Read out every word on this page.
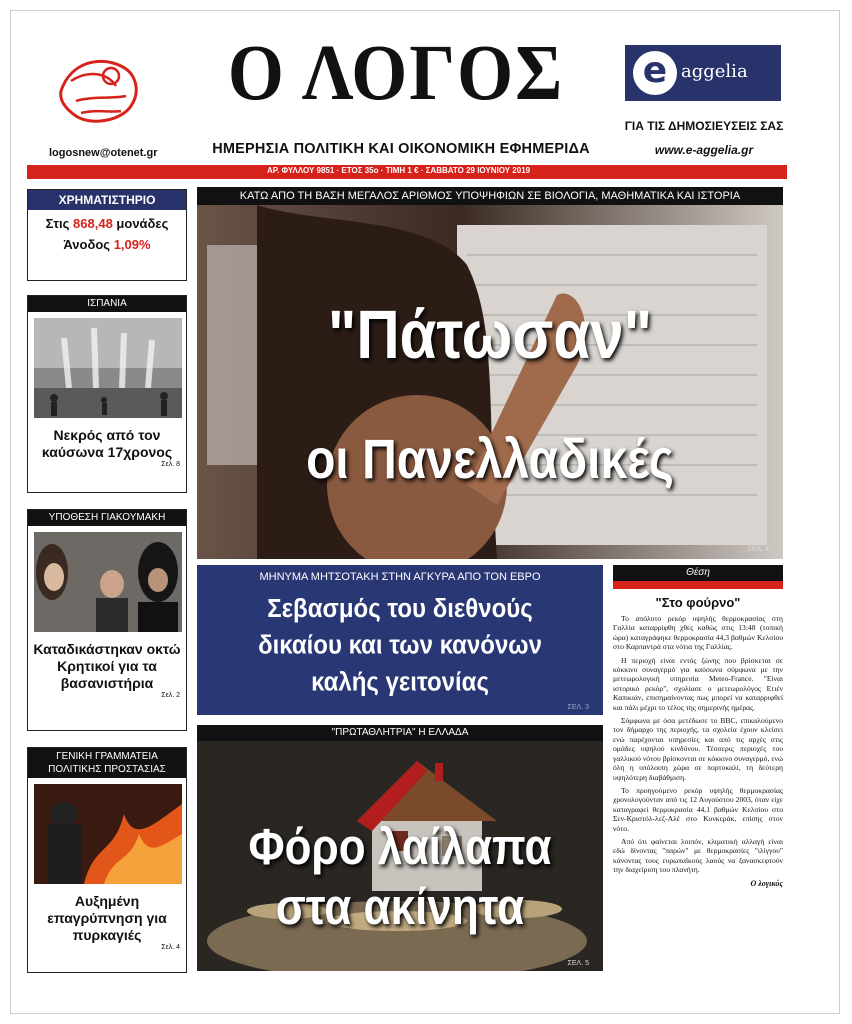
logosnew@otenet.gr
Ο ΛΟΓΟΣ
ΗΜΕΡΗΣΙΑ ΠΟΛΙΤΙΚΗ ΚΑΙ ΟΙΚΟΝΟΜΙΚΗ ΕΦΗΜΕΡΙΔΑ
e aggelia
ΓΙΑ ΤΙΣ ΔΗΜΟΣΙΕΥΣΕΙΣ ΣΑΣ
www.e-aggelia.gr
ΑΡ. ΦΥΛΛΟΥ 9851 · ΕΤΟΣ 35ο · ΤΙΜΗ 1 € · ΣΑΒΒΑΤΟ 29 ΙΟΥΝΙΟΥ 2019
ΧΡΗΜΑΤΙΣΤΗΡΙΟ
Στις 868,48 μονάδες
Άνοδος 1,09%
ΙΣΠΑΝΙΑ
Νεκρός από τον καύσωνα 17χρονος
Σελ. 8
ΥΠΟΘΕΣΗ ΓΙΑΚΟΥΜΑΚΗ
Καταδικάστηκαν οκτώ Κρητικοί για τα βασανιστήρια
Σελ. 2
ΓΕΝΙΚΗ ΓΡΑΜΜΑΤΕΙΑ
ΠΟΛΙΤΙΚΗΣ ΠΡΟΣΤΑΣΙΑΣ
Αυξημένη επαγρύπνηση για πυρκαγιές
Σελ. 4
ΚΑΤΩ ΑΠΟ ΤΗ ΒΑΣΗ ΜΕΓΑΛΟΣ ΑΡΙΘΜΟΣ ΥΠΟΨΗΦΙΩΝ ΣΕ ΒΙΟΛΟΓΙΑ, ΜΑΘΗΜΑΤΙΚΑ ΚΑΙ ΙΣΤΟΡΙΑ
"Πάτωσαν"
οι Πανελλαδικές
ΣΕΛ. 4
ΜΗΝΥΜΑ ΜΗΤΣΟΤΑΚΗ ΣΤΗΝ ΑΓΚΥΡΑ ΑΠΟ ΤΟΝ ΕΒΡΟ
Σεβασμός του διεθνούς
δικαίου και των κανόνων
καλής γειτονίας
ΣΕΛ. 3
"ΠΡΩΤΑΘΛΗΤΡΙΑ" Η ΕΛΛΑΔΑ
Φόρο λαίλαπα
στα ακίνητα
ΣΕΛ. 5
Θέση
"Στο φούρνο"

Το απόλυτο ρεκόρ υψηλής θερμοκρασίας στη Γαλλία καταρρίφθη χθες καθώς στις 13:48 (τοπική ώρα) καταγράφηκε θερμοκρασία 44,3 βαθμών Κελσίου στο Καρπαντρά στα νότια της Γαλλίας.

Η περιοχή είναι εντός ζώνης που βρίσκεται σε κόκκινο συναγερμό για καύσωνα σύμφωνα με την μετεωρολογική υπηρεσία Meteo-France. "Είναι ιστορικό ρεκόρ", σχολίασε ο μετεωρολόγος Ετιέν Καπικιάν, επισημαίνοντας πως μπορεί να καταρριφθεί και πάλι μέχρι το τέλος της σημερινής ημέρας.

Σύμφωνα με όσα μετέδωσε το BBC, επικαλούμενο τον δήμαρχο της περιοχής, τα σχολεία έχουν κλείσει ενώ παρέχονται υπηρεσίες και από τις αρχές στις ομάδες υψηλού κινδύνου. Τέσσερις περιοχές του γαλλικού νότου βρίσκονται σε κόκκινο συναγερμό, ενώ όλη η υπόλοιπη χώρα σε πορτοκαλί, τη δεύτερη υψηλότερη διαβάθμιση.

Το προηγούμενο ρεκόρ υψηλής θερμοκρασίας χρονολογούνταν από τις 12 Αυγούστου 2003, όταν είχε καταγραφεί θερμοκρασία 44,1 βαθμών Κελσίου στο Σεν-Κριστόλ-λεζ-Αλέ στο Κονκεράκ, επίσης στον νότο.

Από ότι φαίνεται λοιπόν, κλιματική αλλαγή είναι εδώ δίνοντας "παρών" με θερμοκρασίες "ιλίγγου" κάνοντας τους ευρωπαϊκούς λαούς να ξανασκεφτούν την διαχείριση του πλανήτη.

Ο λογικός
